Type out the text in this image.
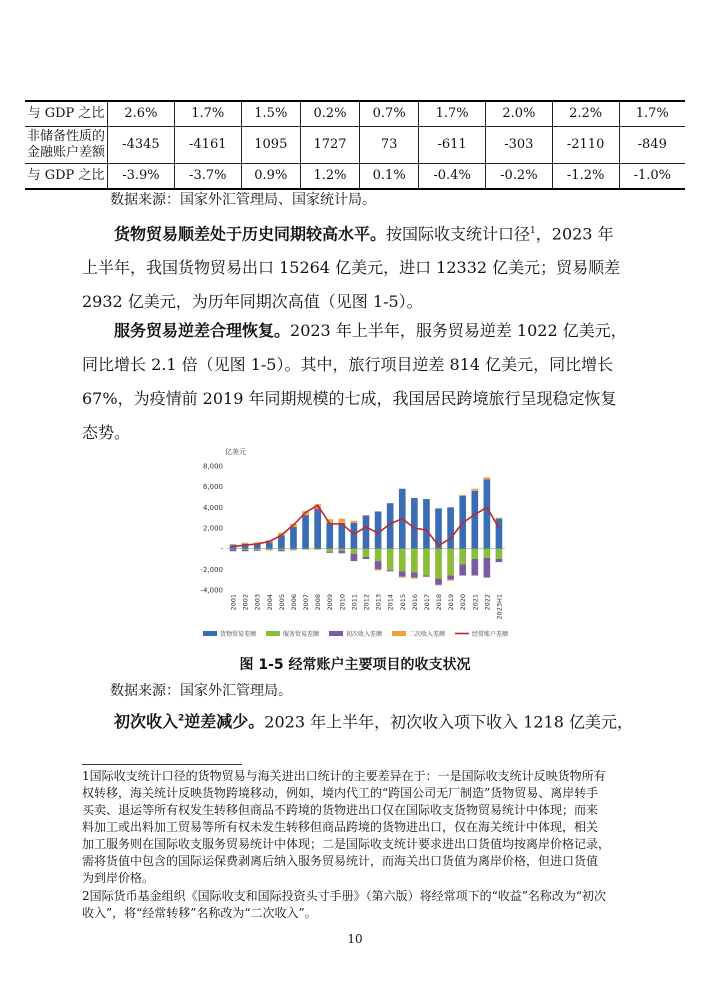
与 GDP 之比	2.6%	1.7%	1.5%	0.2%	0.7%	1.7%	2.0%	2.2%	1.7%
非储备性质的
金融账户差额	-4345	-4161	1095	1727	73	-611	-303	-2110	-849
与 GDP 之比	-3.9%	-3.7%	0.9%	1.2%	0.1%	-0.4%	-0.2%	-1.2%	-1.0%
数据来源：国家外汇管理局、国家统计局。
货物贸易顺差处于历史同期较高水平。按国际收支统计口径$^1$，2023 年
上半年，我国货物贸易出口 15264 亿美元，进口 12332 亿美元；贸易顺差
2932 亿美元，为历年同期次高值（见图 1-5）。
服务贸易逆差合理恢复。2023 年上半年，服务贸易逆差 1022 亿美元，
同比增长 2.1 倍（见图 1-5）。其中，旅行项目逆差 814 亿美元，同比增长
67%，为疫情前 2019 年同期规模的七成，我国居民跨境旅行呈现稳定恢复
态势。
亿美元
8,000
6,000
4,000
2,000
-
-2,000
-4,000
2001 2002 2003 2004 2005 2006 2007 2008 2009 2010 2011 2012 2013 2014 2015 2016 2017 2018 2019 2020 2021 2022 2023H1
货物贸易差额	服务贸易差额	初次收入差额	二次收入差额	经常账户差额
图 1-5 经常账户主要项目的收支状况
数据来源：国家外汇管理局。
初次收入$^2$逆差减少。2023 年上半年，初次收入项下收入 1218 亿美元，
1国际收支统计口径的货物贸易与海关进出口统计的主要差异在于：一是国际收支统计反映货物所有
权转移，海关统计反映货物跨境移动，例如，境内代工的“跨国公司无厂制造”货物贸易、离岸转手
买卖、退运等所有权发生转移但商品不跨境的货物进出口仅在国际收支货物贸易统计中体现；而来
料加工或出料加工贸易等所有权未发生转移但商品跨境的货物进出口，仅在海关统计中体现，相关
加工服务则在国际收支服务贸易统计中体现；二是国际收支统计要求进出口货值均按离岸价格记录，
需将货值中包含的国际运保费剥离后纳入服务贸易统计，而海关出口货值为离岸价格，但进口货值
为到岸价格。
2国际货币基金组织《国际收支和国际投资头寸手册》（第六版）将经常项下的“收益”名称改为“初次
收入”，将“经常转移”名称改为“二次收入”。
10
